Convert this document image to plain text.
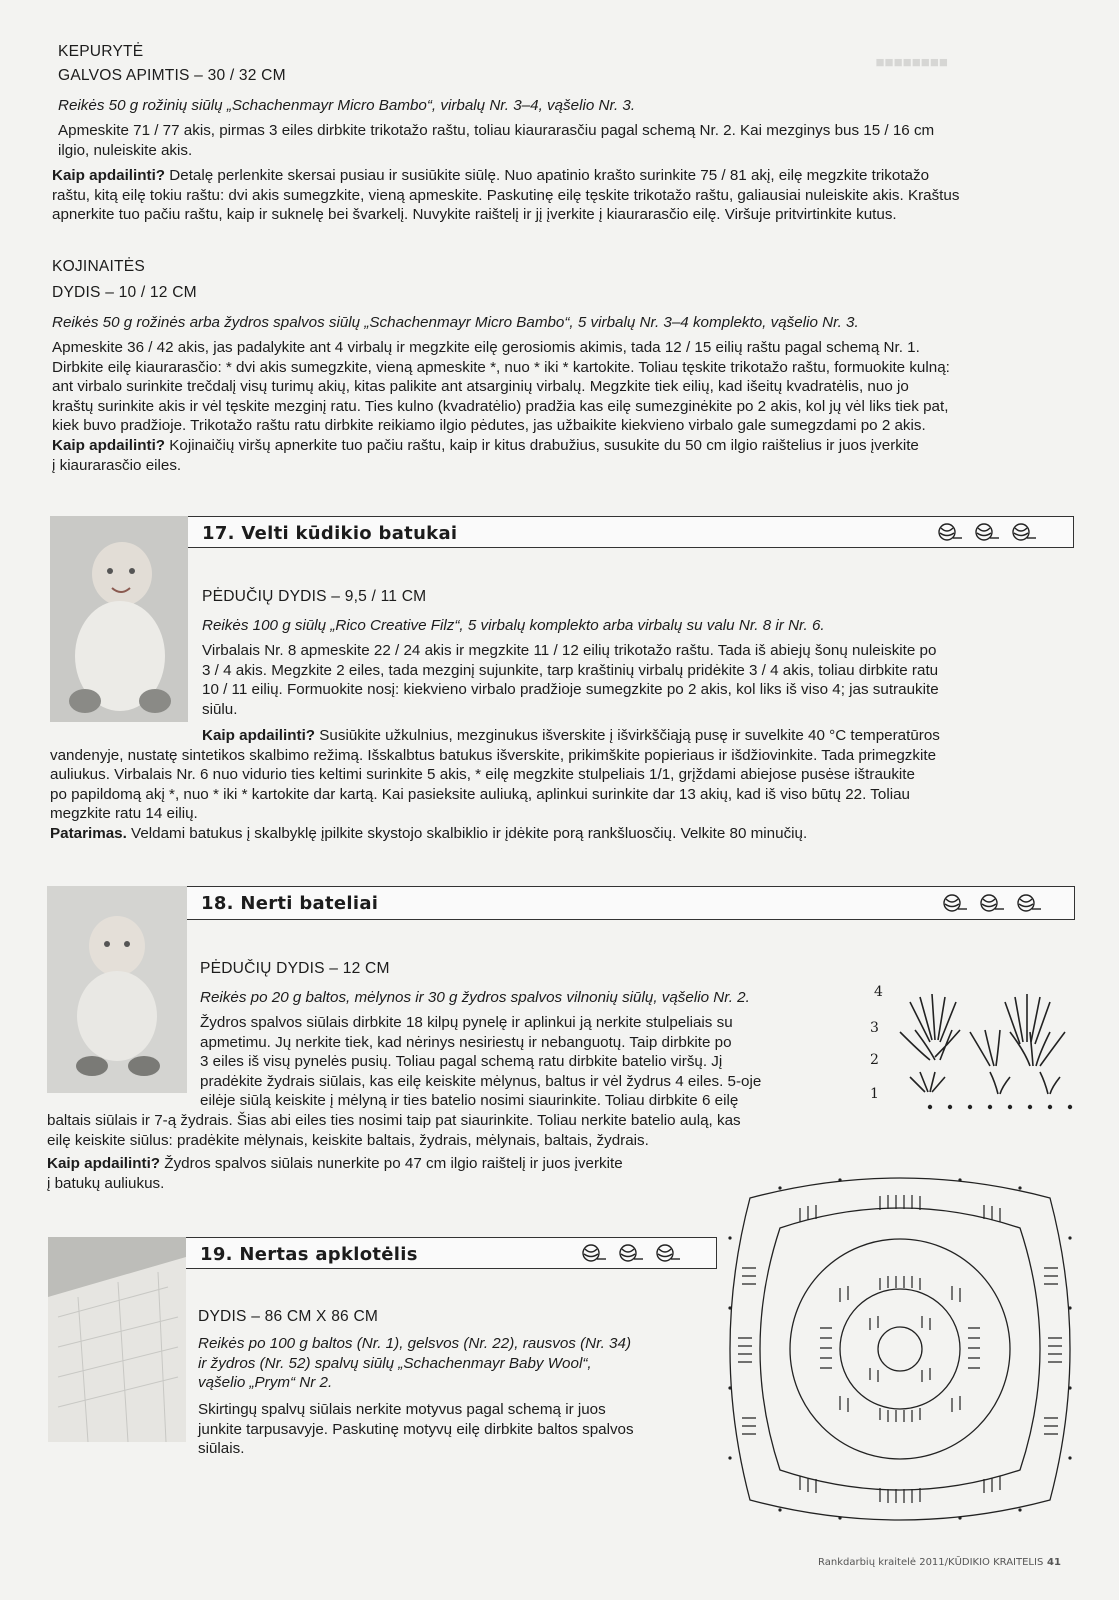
■■■■■■■■
KEPURYTĖ
GALVOS APIMTIS – 30 / 32 CM
Reikės 50 g rožinių siūlų „Schachenmayr Micro Bambo“, virbalų Nr. 3–4, vąšelio Nr. 3.

Apmeskite 71 / 77 akis, pirmas 3 eiles dirbkite trikotažo raštu, toliau kiaurarasčiu pagal schemą Nr. 2. Kai mezginys bus 15 / 16 cm

ilgio, nuleiskite akis.

Kaip apdailinti? Detalę perlenkite skersai pusiau ir susiūkite siūlę. Nuo apatinio krašto surinkite 75 / 81 akį, eilę megzkite trikotažo

raštu, kitą eilę tokiu raštu: dvi akis sumegzkite, vieną apmeskite. Paskutinę eilę tęskite trikotažo raštu, galiausiai nuleiskite akis. Kraštus

apnerkite tuo pačiu raštu, kaip ir suknelę bei švarkelį. Nuvykite raištelį ir jį įverkite į kiaurarasčio eilę. Viršuje pritvirtinkite kutus.

KOJINAITĖS
DYDIS – 10 / 12 CM
Reikės 50 g rožinės arba žydros spalvos siūlų „Schachenmayr Micro Bambo“, 5 virbalų Nr. 3–4 komplekto, vąšelio Nr. 3.

Apmeskite 36 / 42 akis, jas padalykite ant 4 virbalų ir megzkite eilę gerosiomis akimis, tada 12 / 15 eilių raštu pagal schemą Nr. 1.

Dirbkite eilę kiaurarasčio: * dvi akis sumegzkite, vieną apmeskite *, nuo * iki * kartokite. Toliau tęskite trikotažo raštu, formuokite kulną:

ant virbalo surinkite trečdalį visų turimų akių, kitas palikite ant atsarginių virbalų. Megzkite tiek eilių, kad išeitų kvadratėlis, nuo jo

kraštų surinkite akis ir vėl tęskite mezginį ratu. Ties kulno (kvadratėlio) pradžia kas eilę sumezginėkite po 2 akis, kol jų vėl liks tiek pat,

kiek buvo pradžioje. Trikotažo raštu ratu dirbkite reikiamo ilgio pėdutes, jas užbaikite kiekvieno virbalo gale sumegzdami po 2 akis.

Kaip apdailinti? Kojinaičių viršų apnerkite tuo pačiu raštu, kaip ir kitus drabužius, susukite du 50 cm ilgio raištelius ir juos įverkite

į kiaurarasčio eiles.

17. Velti kūdikio batukai
PĖDUČIŲ DYDIS – 9,5 / 11 CM
Reikės 100 g siūlų „Rico Creative Filz“, 5 virbalų komplekto arba virbalų su valu Nr. 8 ir Nr. 6.

Virbalais Nr. 8 apmeskite 22 / 24 akis ir megzkite 11 / 12 eilių trikotažo raštu. Tada iš abiejų šonų nuleiskite po

3 / 4 akis. Megzkite 2 eiles, tada mezginį sujunkite, tarp kraštinių virbalų pridėkite 3 / 4 akis, toliau dirbkite ratu

10 / 11 eilių. Formuokite nosį: kiekvieno virbalo pradžioje sumegzkite po 2 akis, kol liks iš viso 4; jas sutraukite

siūlu.

Kaip apdailinti? Susiūkite užkulnius, mezginukus išverskite į išvirkščiąją pusę ir suvelkite 40 °C temperatūros

vandenyje, nustatę sintetikos skalbimo režimą. Išskalbtus batukus išverskite, prikimškite popieriaus ir išdžiovinkite. Tada primegzkite

auliukus. Virbalais Nr. 6 nuo vidurio ties keltimi surinkite 5 akis, * eilę megzkite stulpeliais 1/1, grįždami abiejose pusėse ištraukite

po papildomą akį *, nuo * iki * kartokite dar kartą. Kai pasieksite auliuką, aplinkui surinkite dar 13 akių, kad iš viso būtų 22. Toliau

megzkite ratu 14 eilių.

Patarimas. Veldami batukus į skalbyklę įpilkite skystojo skalbiklio ir įdėkite porą rankšluosčių. Velkite 80 minučių.

18. Nerti bateliai
PĖDUČIŲ DYDIS – 12 CM
Reikės po 20 g baltos, mėlynos ir 30 g žydros spalvos vilnonių siūlų, vąšelio Nr. 2.

Žydros spalvos siūlais dirbkite 18 kilpų pynelę ir aplinkui ją nerkite stulpeliais su

apmetimu. Jų nerkite tiek, kad nėrinys nesiriestų ir nebanguotų. Taip dirbkite po

3 eiles iš visų pynelės pusių. Toliau pagal schemą ratu dirbkite batelio viršų. Jį

pradėkite žydrais siūlais, kas eilę keiskite mėlynus, baltus ir vėl žydrus 4 eiles. 5-oje

eilėje siūlą keiskite į mėlyną ir ties batelio nosimi siaurinkite. Toliau dirbkite 6 eilę

baltais siūlais ir 7-ą žydrais. Šias abi eiles ties nosimi taip pat siaurinkite. Toliau nerkite batelio aulą, kas

eilę keiskite siūlus: pradėkite mėlynais, keiskite baltais, žydrais, mėlynais, baltais, žydrais.

Kaip apdailinti? Žydros spalvos siūlais nunerkite po 47 cm ilgio raištelį ir juos įverkite

į batukų auliukus.

4
3
2
1
19. Nertas apklotėlis
DYDIS – 86 CM X 86 CM

Reikės po 100 g baltos (Nr. 1), gelsvos (Nr. 22), rausvos (Nr. 34)

ir žydros (Nr. 52) spalvų siūlų „Schachenmayr Baby Wool“,

vąšelio „Prym“ Nr 2.

Skirtingų spalvų siūlais nerkite motyvus pagal schemą ir juos

junkite tarpusavyje. Paskutinę motyvų eilę dirbkite baltos spalvos

siūlais.

Rankdarbių kraitelė 2011/KŪDIKIO KRAITELIS 41
